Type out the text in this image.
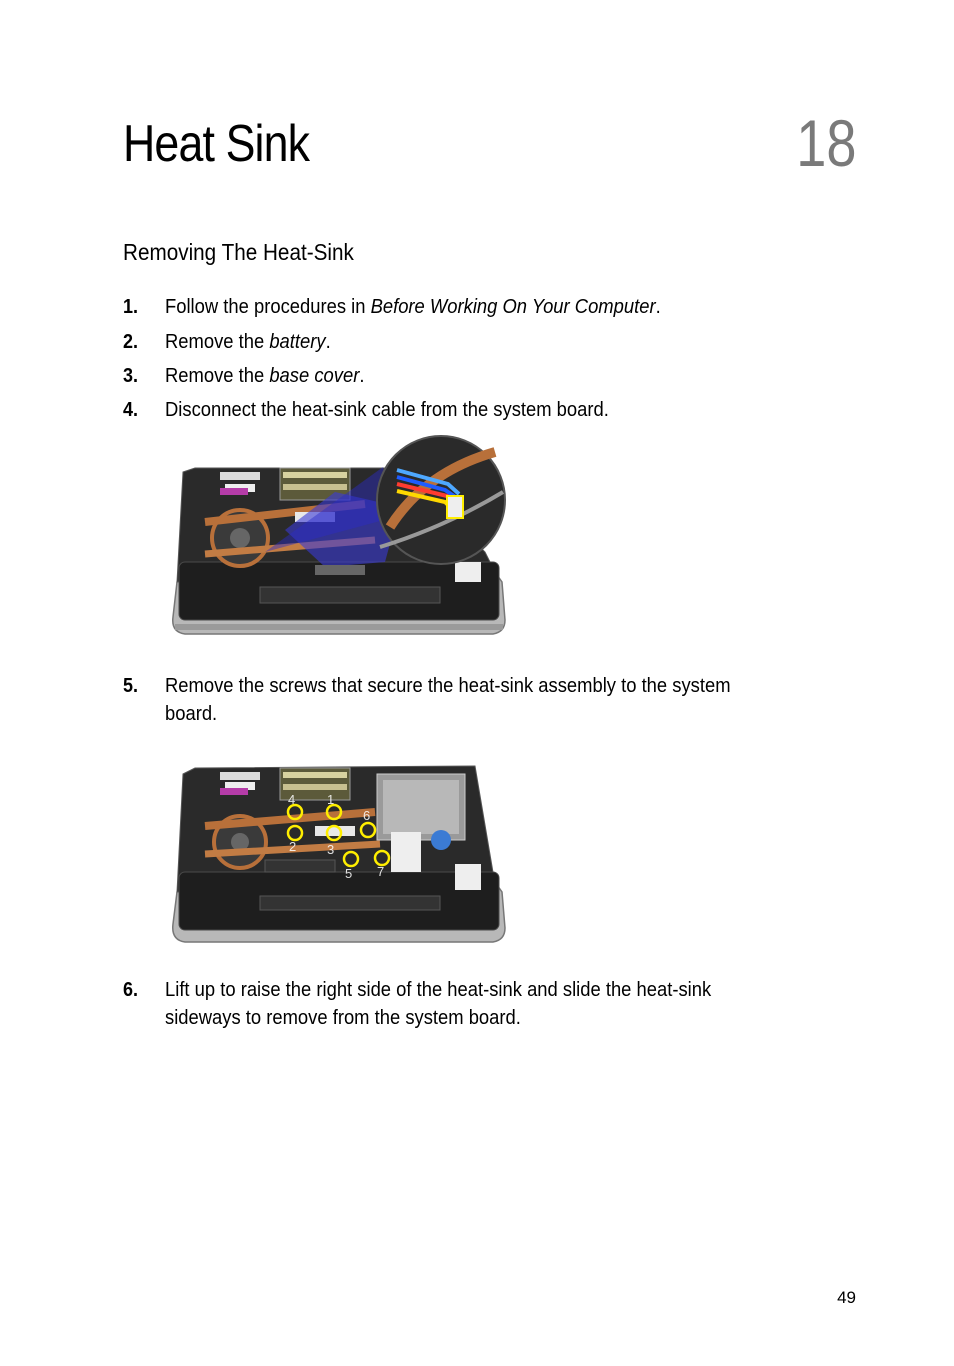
Heat Sink	18
Removing The Heat-Sink
1. Follow the procedures in Before Working On Your Computer.
2. Remove the battery.
3. Remove the base cover.
4. Disconnect the heat-sink cable from the system board.
5. Remove the screws that secure the heat-sink assembly to the system
board.
1
2 3
4
5
6
7
6. Lift up to raise the right side of the heat-sink and slide the heat-sink
sideways to remove from the system board.
49
